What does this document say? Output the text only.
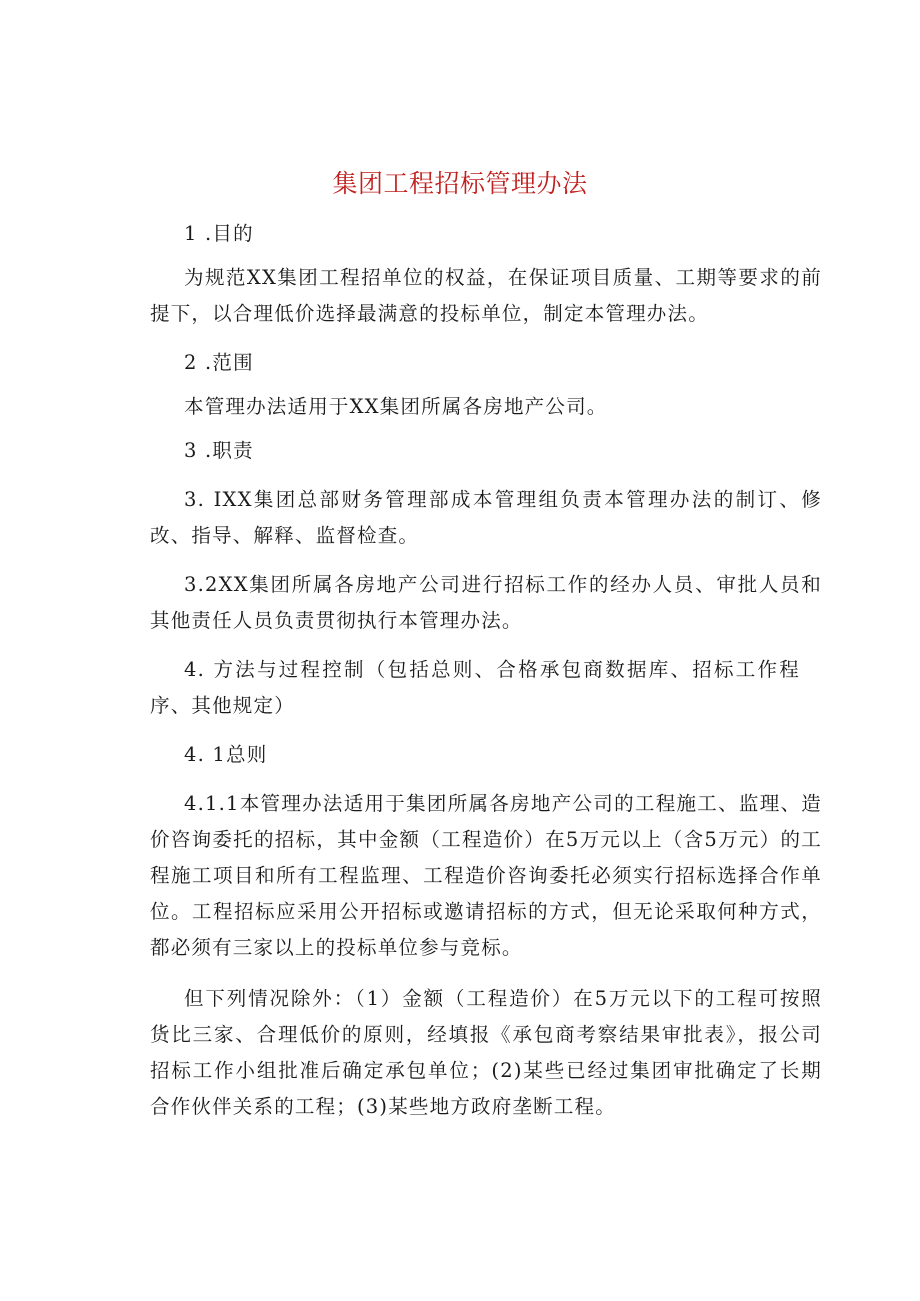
集团工程招标管理办法

1 .目的

为规范XX集团工程招单位的权益，在保证项目质量、工期等要求的前提下，以合理低价选择最满意的投标单位，制定本管理办法。

2 .范围

本管理办法适用于XX集团所属各房地产公司。

3 .职责

3. IXX集团总部财务管理部成本管理组负责本管理办法的制订、修改、指导、解释、监督检查。

3.2XX集团所属各房地产公司进行招标工作的经办人员、审批人员和其他责任人员负责贯彻执行本管理办法。

4. 方法与过程控制（包括总则、合格承包商数据库、招标工作程序、其他规定）

4. 1总则

4.1.1本管理办法适用于集团所属各房地产公司的工程施工、监理、造价咨询委托的招标，其中金额（工程造价）在5万元以上（含5万元）的工程施工项目和所有工程监理、工程造价咨询委托必须实行招标选择合作单位。工程招标应采用公开招标或邀请招标的方式，但无论采取何种方式，都必须有三家以上的投标单位参与竞标。

但下列情况除外：（1）金额（工程造价）在5万元以下的工程可按照货比三家、合理低价的原则，经填报《承包商考察结果审批表》，报公司招标工作小组批准后确定承包单位；(2)某些已经过集团审批确定了长期合作伙伴关系的工程；(3)某些地方政府垄断工程。
